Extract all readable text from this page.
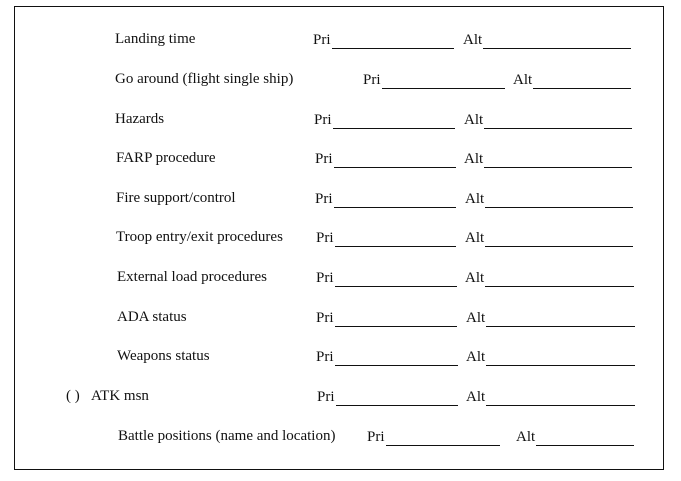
Landing time	Pri	Alt
Go around (flight single ship)	Pri	Alt
Hazards	Pri	Alt
FARP procedure	Pri	Alt
Fire support/control	Pri	Alt
Troop entry/exit procedures Pri	Alt
External load procedures	Pri	Alt
ADA status	Pri	Alt
Weapons status	Pri	Alt
( ) ATK msn	Pri	Alt
Battle positions (name and location) Pri	Alt
